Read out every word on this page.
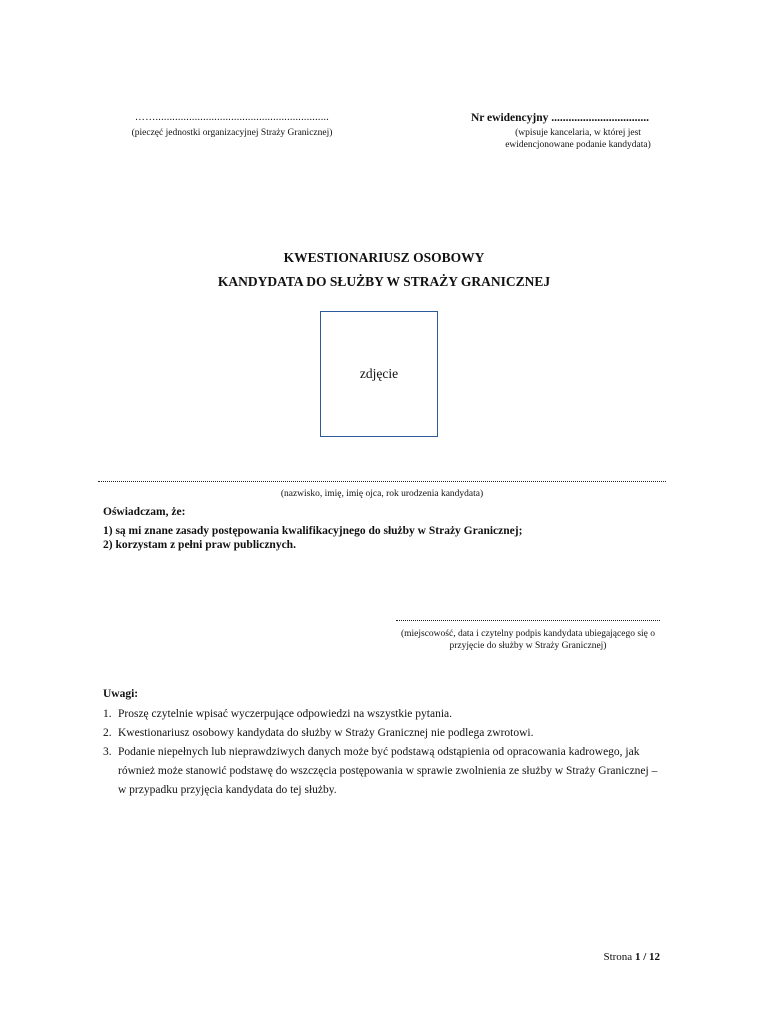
……..............................................................
(pieczęć jednostki organizacyjnej Straży Granicznej)
Nr ewidencyjny ..................................
(wpisuje kancelaria, w której jest ewidencjonowane podanie kandydata)
KWESTIONARIUSZ OSOBOWY
KANDYDATA DO SŁUŻBY W STRAŻY GRANICZNEJ
zdjęcie
(nazwisko, imię, imię ojca, rok urodzenia kandydata)
Oświadczam, że:
1) są mi znane zasady postępowania kwalifikacyjnego do służby w Straży Granicznej;
2) korzystam z pełni praw publicznych.
(miejscowość, data i czytelny podpis kandydata ubiegającego się o przyjęcie do służby w Straży Granicznej)
Uwagi:
1. Proszę czytelnie wpisać wyczerpujące odpowiedzi na wszystkie pytania.
2. Kwestionariusz osobowy kandydata do służby w Straży Granicznej nie podlega zwrotowi.
3. Podanie niepełnych lub nieprawdziwych danych może być podstawą odstąpienia od opracowania kadrowego, jak również może stanowić podstawę do wszczęcia postępowania w sprawie zwolnienia ze służby w Straży Granicznej – w przypadku przyjęcia kandydata do tej służby.
Strona 1 / 12
